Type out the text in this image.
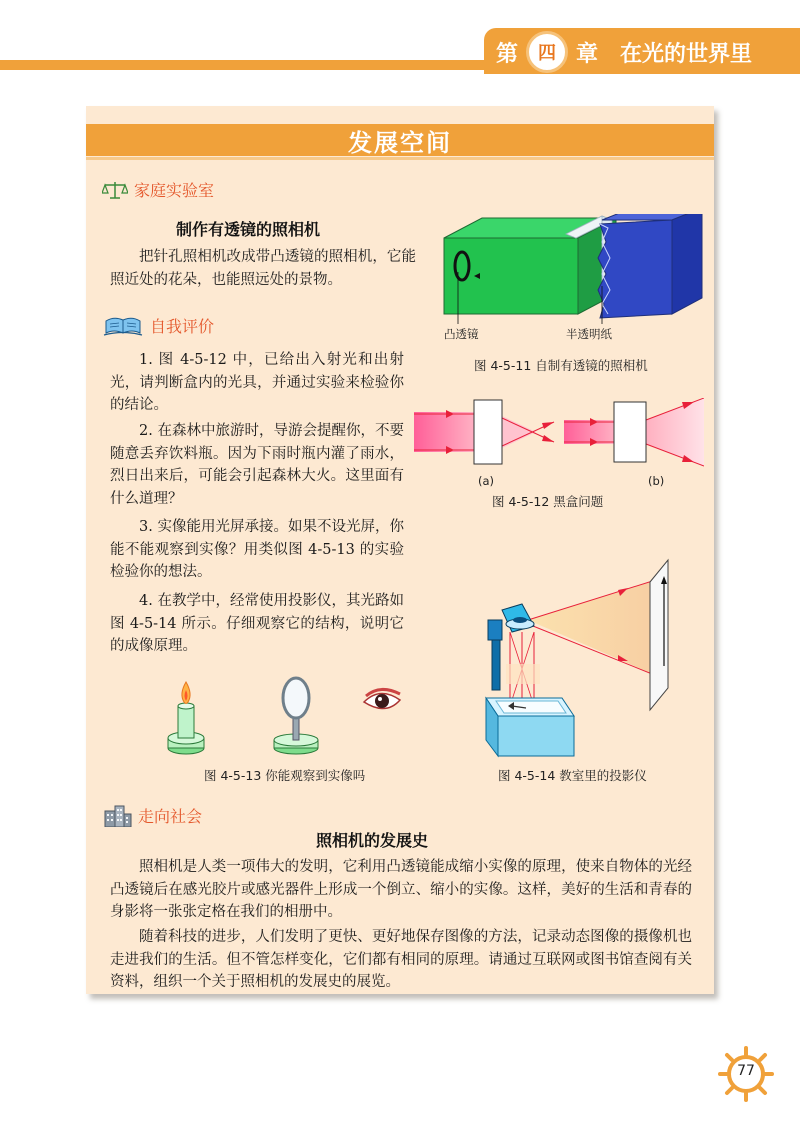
第	四 章 在光的世界里
发展空间
家庭实验室
制作有透镜的照相机

把针孔照相机改成带凸透镜的照相机，它能照近处的花朵，也能照远处的景物。

凸透镜	半透明纸
图 4-5-11 自制有透镜的照相机
自我评价

1. 图 4-5-12 中，已给出入射光和出射光，请判断盒内的光具，并通过实验来检验你的结论。

2. 在森林中旅游时，导游会提醒你，不要随意丢弃饮料瓶。因为下雨时瓶内灌了雨水，烈日出来后，可能会引起森林大火。这里面有什么道理？

3. 实像能用光屏承接。如果不设光屏，你能不能观察到实像？用类似图 4-5-13 的实验检验你的想法。

4. 在教学中，经常使用投影仪，其光路如图 4-5-14 所示。仔细观察它的结构，说明它的成像原理。

(a)	(b)
图 4-5-12 黑盒问题
图 4-5-13 你能观察到实像吗	图 4-5-14 教室里的投影仪
走向社会
照相机的发展史

照相机是人类一项伟大的发明，它利用凸透镜能成缩小实像的原理，使来自物体的光经凸透镜后在感光胶片或感光器件上形成一个倒立、缩小的实像。这样，美好的生活和青春的身影将一张张定格在我们的相册中。

随着科技的进步，人们发明了更快、更好地保存图像的方法，记录动态图像的摄像机也走进我们的生活。但不管怎样变化，它们都有相同的原理。请通过互联网或图书馆查阅有关资料，组织一个关于照相机的发展史的展览。

77
